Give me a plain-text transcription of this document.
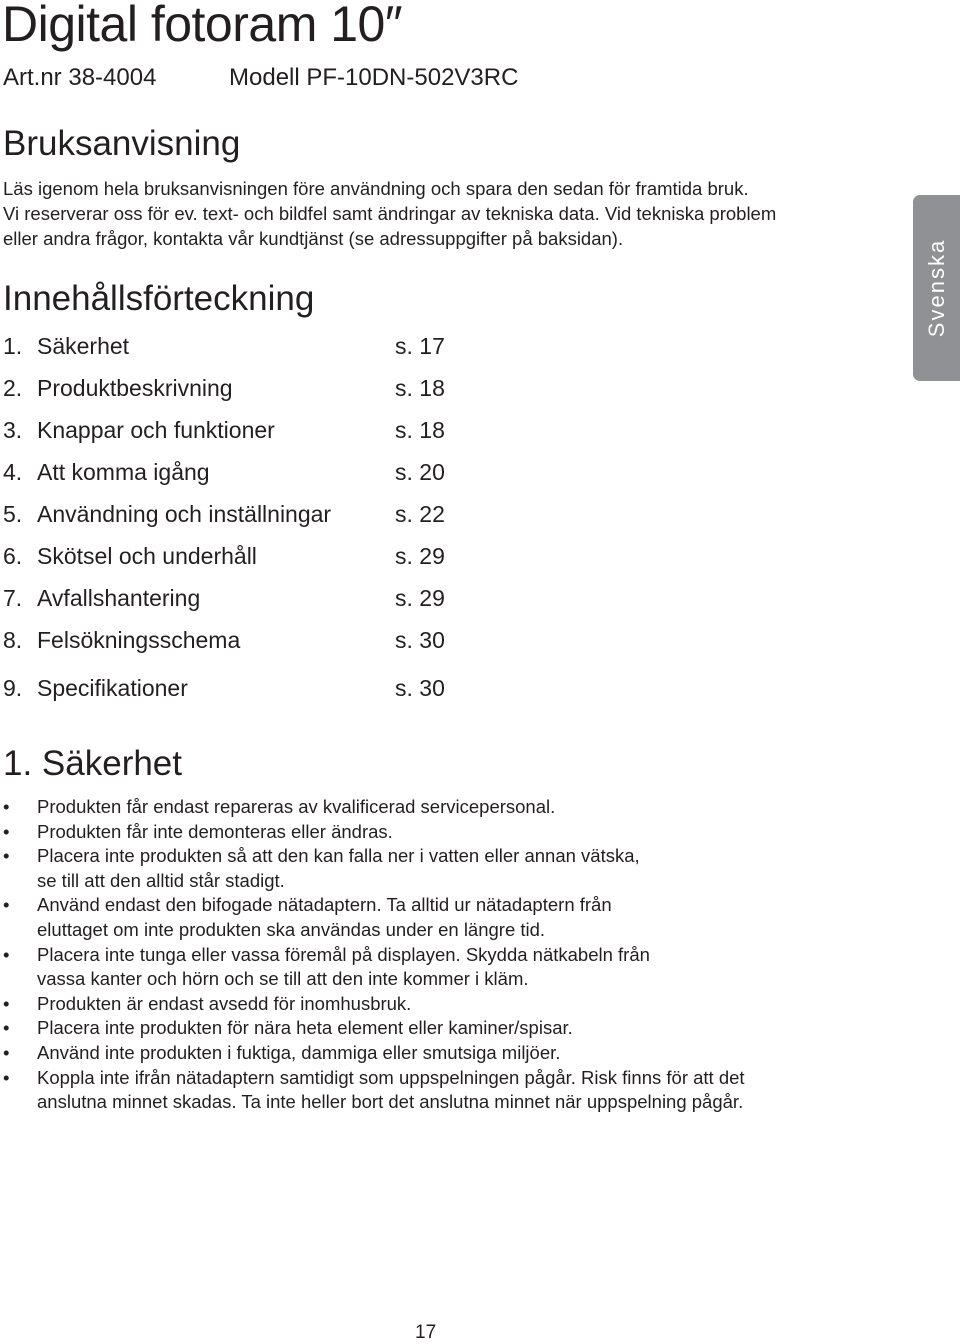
Digital fotoram 10″
Art.nr 38-4004	Modell PF-10DN-502V3RC
Bruksanvisning
Läs igenom hela bruksanvisningen före användning och spara den sedan för framtida bruk.
Vi reserverar oss för ev. text- och bildfel samt ändringar av tekniska data. Vid tekniska problem
eller andra frågor, kontakta vår kundtjänst (se adressuppgifter på baksidan).
Innehållsförteckning
1. Säkerhet	s. 17
2. Produktbeskrivning	s. 18
3. Knappar och funktioner	s. 18
4. Att komma igång	s. 20
5. Användning och inställningar	s. 22
6. Skötsel och underhåll	s. 29
7. Avfallshantering	s. 29
8. Felsökningsschema	s. 30
9. Specifikationer	s. 30
Svenska
1. Säkerhet
• Produkten får endast repareras av kvalificerad servicepersonal.
• Produkten får inte demonteras eller ändras.
• Placera inte produkten så att den kan falla ner i vatten eller annan vätska,
se till att den alltid står stadigt.
• Använd endast den bifogade nätadaptern. Ta alltid ur nätadaptern från
eluttaget om inte produkten ska användas under en längre tid.
• Placera inte tunga eller vassa föremål på displayen. Skydda nätkabeln från
vassa kanter och hörn och se till att den inte kommer i kläm.
• Produkten är endast avsedd för inomhusbruk.
• Placera inte produkten för nära heta element eller kaminer/spisar.
• Använd inte produkten i fuktiga, dammiga eller smutsiga miljöer.
• Koppla inte ifrån nätadaptern samtidigt som uppspelningen pågår. Risk finns för att det
anslutna minnet skadas. Ta inte heller bort det anslutna minnet när uppspelning pågår.
17
